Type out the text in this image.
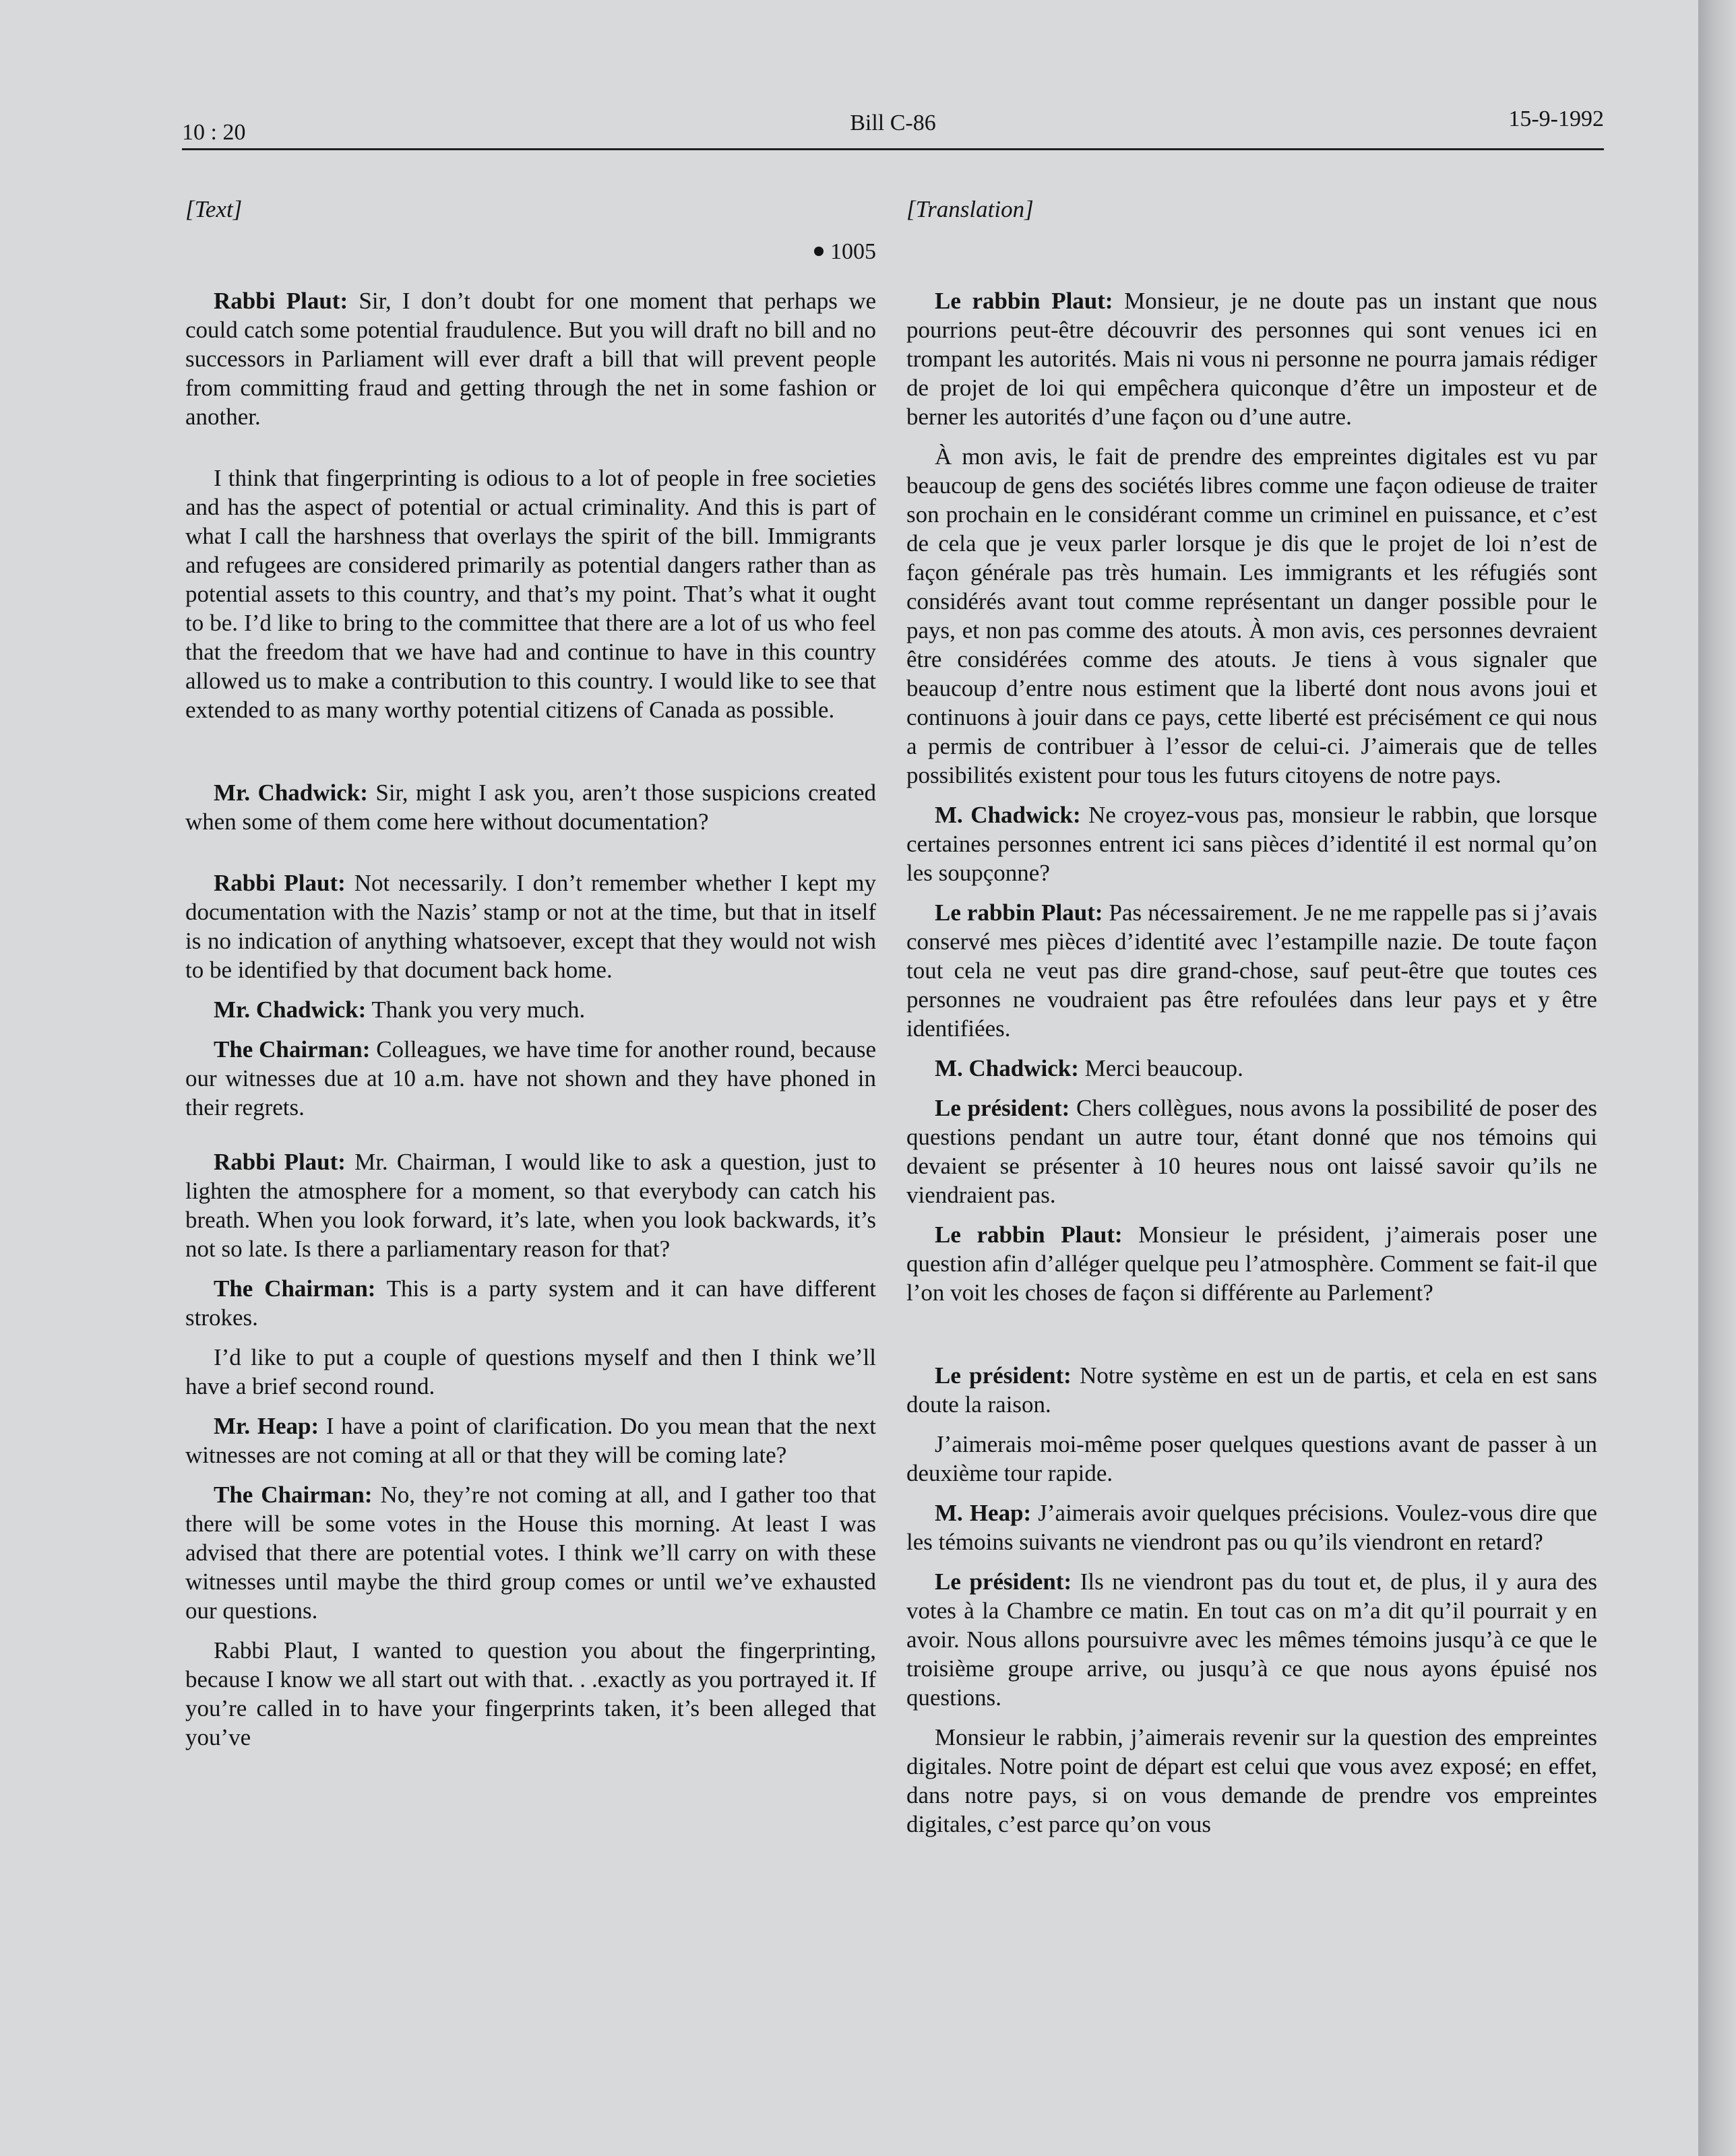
10 : 20	Bill C-86	15-9-1992
[Text]
1005

Rabbi Plaut: Sir, I don’t doubt for one moment that perhaps we could catch some potential fraudulence. But you will draft no bill and no successors in Parliament will ever draft a bill that will prevent people from committing fraud and getting through the net in some fashion or another.

I think that fingerprinting is odious to a lot of people in free societies and has the aspect of potential or actual criminality. And this is part of what I call the harshness that overlays the spirit of the bill. Immigrants and refugees are considered primarily as potential dangers rather than as potential assets to this country, and that’s my point. That’s what it ought to be. I’d like to bring to the committee that there are a lot of us who feel that the freedom that we have had and continue to have in this country allowed us to make a contribution to this country. I would like to see that extended to as many worthy potential citizens of Canada as possible.

Mr. Chadwick: Sir, might I ask you, aren’t those suspicions created when some of them come here without documentation?

Rabbi Plaut: Not necessarily. I don’t remember whether I kept my documentation with the Nazis’ stamp or not at the time, but that in itself is no indication of anything whatsoever, except that they would not wish to be identified by that document back home.

Mr. Chadwick: Thank you very much.

The Chairman: Colleagues, we have time for another round, because our witnesses due at 10 a.m. have not shown and they have phoned in their regrets.

Rabbi Plaut: Mr. Chairman, I would like to ask a question, just to lighten the atmosphere for a moment, so that everybody can catch his breath. When you look forward, it’s late, when you look backwards, it’s not so late. Is there a parliamentary reason for that?

The Chairman: This is a party system and it can have different strokes.

I’d like to put a couple of questions myself and then I think we’ll have a brief second round.

Mr. Heap: I have a point of clarification. Do you mean that the next witnesses are not coming at all or that they will be coming late?

The Chairman: No, they’re not coming at all, and I gather too that there will be some votes in the House this morning. At least I was advised that there are potential votes. I think we’ll carry on with these witnesses until maybe the third group comes or until we’ve exhausted our questions.

Rabbi Plaut, I wanted to question you about the fingerprinting, because I know we all start out with that. . .exactly as you portrayed it. If you’re called in to have your fingerprints taken, it’s been alleged that you’ve

[Translation]

Le rabbin Plaut: Monsieur, je ne doute pas un instant que nous pourrions peut-être découvrir des personnes qui sont venues ici en trompant les autorités. Mais ni vous ni personne ne pourra jamais rédiger de projet de loi qui empêchera quiconque d’être un imposteur et de berner les autorités d’une façon ou d’une autre.

À mon avis, le fait de prendre des empreintes digitales est vu par beaucoup de gens des sociétés libres comme une façon odieuse de traiter son prochain en le considérant comme un criminel en puissance, et c’est de cela que je veux parler lorsque je dis que le projet de loi n’est de façon générale pas très humain. Les immigrants et les réfugiés sont considérés avant tout comme représentant un danger possible pour le pays, et non pas comme des atouts. À mon avis, ces personnes devraient être considérées comme des atouts. Je tiens à vous signaler que beaucoup d’entre nous estiment que la liberté dont nous avons joui et continuons à jouir dans ce pays, cette liberté est précisément ce qui nous a permis de contribuer à l’essor de celui-ci. J’aimerais que de telles possibilités existent pour tous les futurs citoyens de notre pays.

M. Chadwick: Ne croyez-vous pas, monsieur le rabbin, que lorsque certaines personnes entrent ici sans pièces d’identité il est normal qu’on les soupçonne?

Le rabbin Plaut: Pas nécessairement. Je ne me rappelle pas si j’avais conservé mes pièces d’identité avec l’estampille nazie. De toute façon tout cela ne veut pas dire grand-chose, sauf peut-être que toutes ces personnes ne voudraient pas être refoulées dans leur pays et y être identifiées.

M. Chadwick: Merci beaucoup.

Le président: Chers collègues, nous avons la possibilité de poser des questions pendant un autre tour, étant donné que nos témoins qui devaient se présenter à 10 heures nous ont laissé savoir qu’ils ne viendraient pas.

Le rabbin Plaut: Monsieur le président, j’aimerais poser une question afin d’alléger quelque peu l’atmosphère. Comment se fait-il que l’on voit les choses de façon si différente au Parlement?

Le président: Notre système en est un de partis, et cela en est sans doute la raison.

J’aimerais moi-même poser quelques questions avant de passer à un deuxième tour rapide.

M. Heap: J’aimerais avoir quelques précisions. Voulez-vous dire que les témoins suivants ne viendront pas ou qu’ils viendront en retard?

Le président: Ils ne viendront pas du tout et, de plus, il y aura des votes à la Chambre ce matin. En tout cas on m’a dit qu’il pourrait y en avoir. Nous allons poursuivre avec les mêmes témoins jusqu’à ce que le troisième groupe arrive, ou jusqu’à ce que nous ayons épuisé nos questions.

Monsieur le rabbin, j’aimerais revenir sur la question des empreintes digitales. Notre point de départ est celui que vous avez exposé; en effet, dans notre pays, si on vous demande de prendre vos empreintes digitales, c’est parce qu’on vous
